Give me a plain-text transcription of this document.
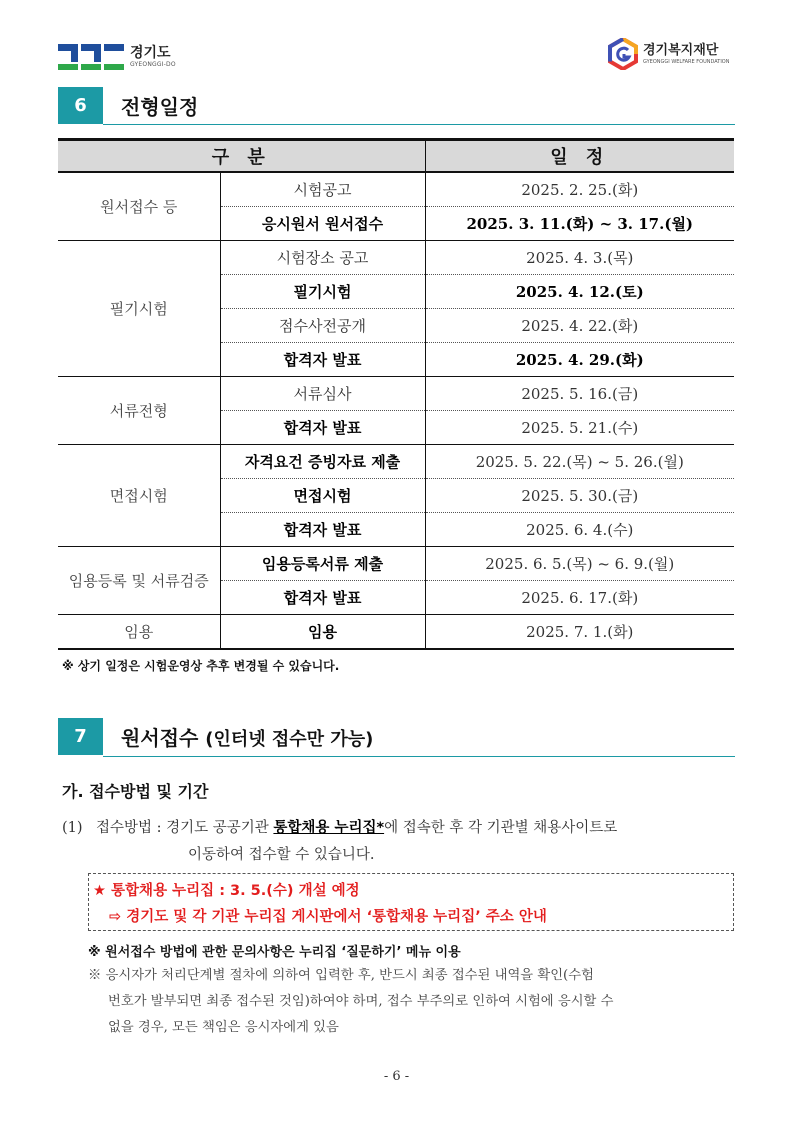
경기도
GYEONGGI-DO
경기복지재단
GYEONGGI WELFARE FOUNDATION
6	전형일정
구 분		일 정
원서접수 등	시험공고	2025. 2. 25.(화)
	응시원서 원서접수	2025. 3. 11.(화) ~ 3. 17.(월)
필기시험	시험장소 공고	2025. 4. 3.(목)
	필기시험	2025. 4. 12.(토)
	점수사전공개	2025. 4. 22.(화)
	합격자 발표	2025. 4. 29.(화)
서류전형	서류심사	2025. 5. 16.(금)
	합격자 발표	2025. 5. 21.(수)
면접시험	자격요건 증빙자료 제출	2025. 5. 22.(목) ~ 5. 26.(월)
	면접시험	2025. 5. 30.(금)
	합격자 발표	2025. 6. 4.(수)
임용등록 및 서류검증	임용등록서류 제출	2025. 6. 5.(목) ~ 6. 9.(월)
	합격자 발표	2025. 6. 17.(화)
임용	임용	2025. 7. 1.(화)
※ 상기 일정은 시험운영상 추후 변경될 수 있습니다.
7	원서접수 (인터넷 접수만 가능)
가. 접수방법 및 기간
(1) 접수방법 : 경기도 공공기관 통합채용 누리집*에 접속한 후 각 기관별 채용사이트로
이동하여 접수할 수 있습니다.
★ 통합채용 누리집 : 3. 5.(수) 개설 예정
⇨ 경기도 및 각 기관 누리집 게시판에서 ‘통합채용 누리집’ 주소 안내
※ 원서접수 방법에 관한 문의사항은 누리집 ‘질문하기’ 메뉴 이용
※ 응시자가 처리단계별 절차에 의하여 입력한 후, 반드시 최종 접수된 내역을 확인(수험
번호가 발부되면 최종 접수된 것임)하여야 하며, 접수 부주의로 인하여 시험에 응시할 수
없을 경우, 모든 책임은 응시자에게 있음
- 6 -
